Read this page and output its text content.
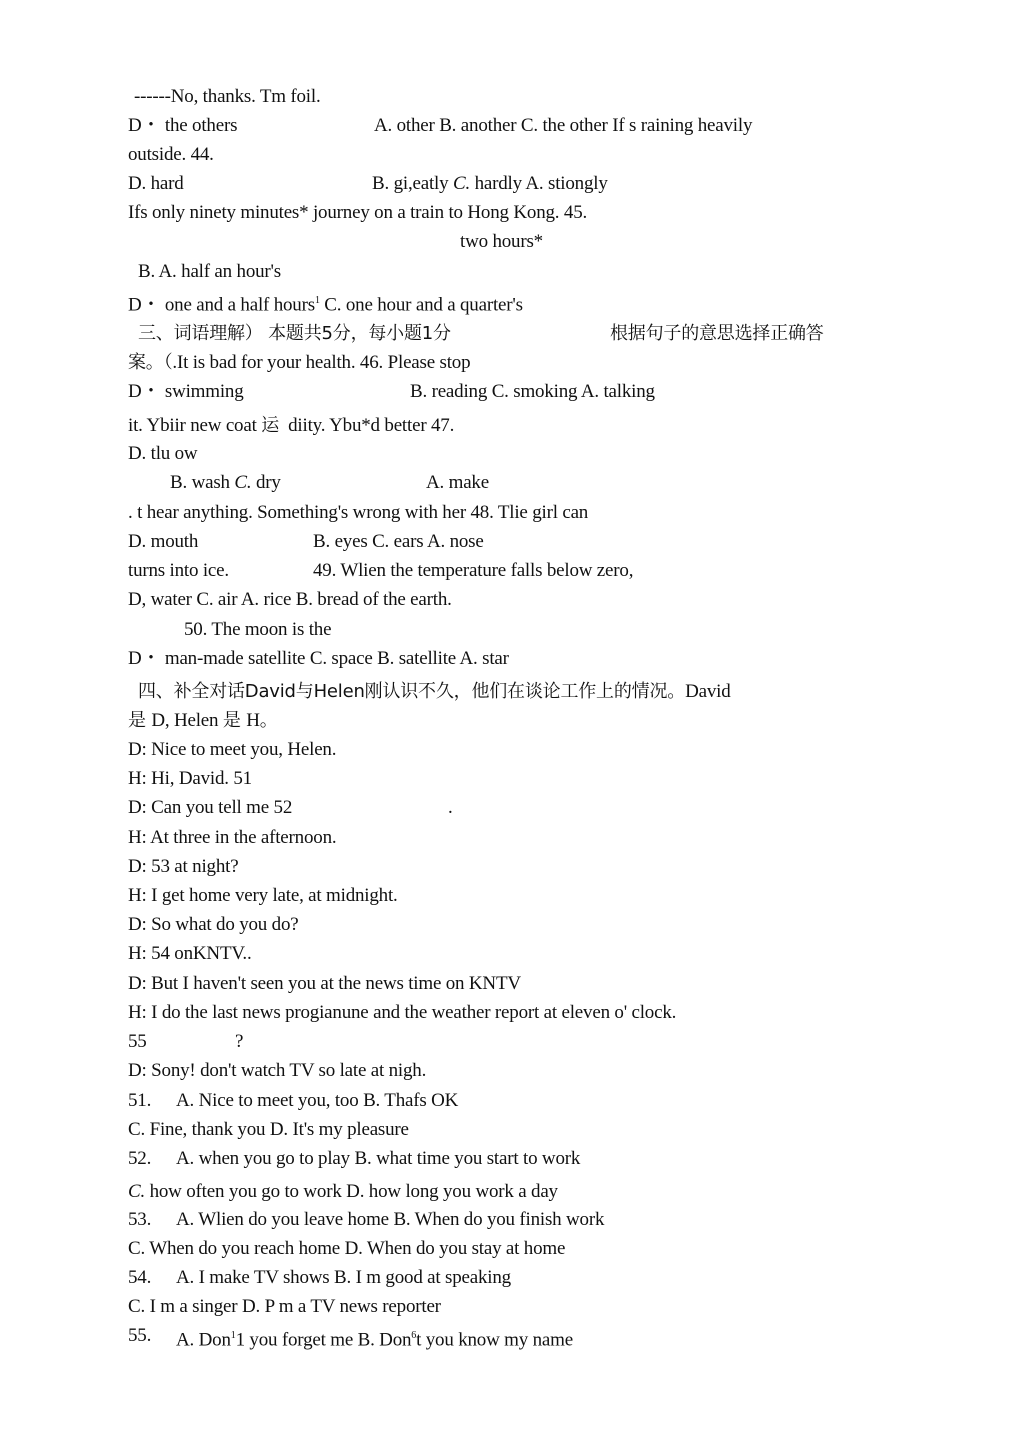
------No, thanks. Tm foil.
D・ the others	A. other B. another C. the other If s raining heavily
outside. 44.
D. hard	B. gi,eatly C. hardly A. stiongly
Ifs only ninety minutes* journey on a train to Hong Kong. 45.
two hours*
B. A. half an hour's
D・ one and a half hours$^1$ C. one hour and a quarter's
三、词语理解） 本题共5分，每小题1分	根据句子的意思选择正确答
案。（.It is bad for your health. 46. Please stop
D・ swimming	B. reading C. smoking A. talking
it. Ybiir new coat 运  diity. Ybu*d better 47.
D. tlu ow
B. wash C. dry	A. make
. t hear anything. Something's wrong with her 48. Tlie girl can
D. mouth	B. eyes C. ears A. nose
turns into ice.	49. Wlien the temperature falls below zero,
D, water C. air A. rice B. bread of the earth.
50. The moon is the
D・ man-made satellite C. space B. satellite A. star
四、补全对话David与Helen刚认识不久，他们在谈论工作上的情况。David
是 D, Helen 是 H。
D: Nice to meet you, Helen.
H: Hi, David. 51
D: Can you tell me 52	.
H: At three in the afternoon.
D: 53 at night?
H: I get home very late, at midnight.
D: So what do you do?
H: 54 onKNTV..
D: But I haven't seen you at the news time on KNTV
H: I do the last news progianune and the weather report at eleven o' clock.
55	?
D: Sony! don't watch TV so late at nigh.
51. A. Nice to meet you, too B. Thafs OK
C. Fine, thank you D. It's my pleasure
52. A. when you go to play B. what time you start to work
C. how often you go to work D. how long you work a day
53. A. Wlien do you leave home B. When do you finish work
C. When do you reach home D. When do you stay at home
54. A. I make TV shows B. I m good at speaking
C. I m a singer D. P m a TV news reporter
55. A. Don$^1$1 you forget me B. Don$^6$t you know my name
